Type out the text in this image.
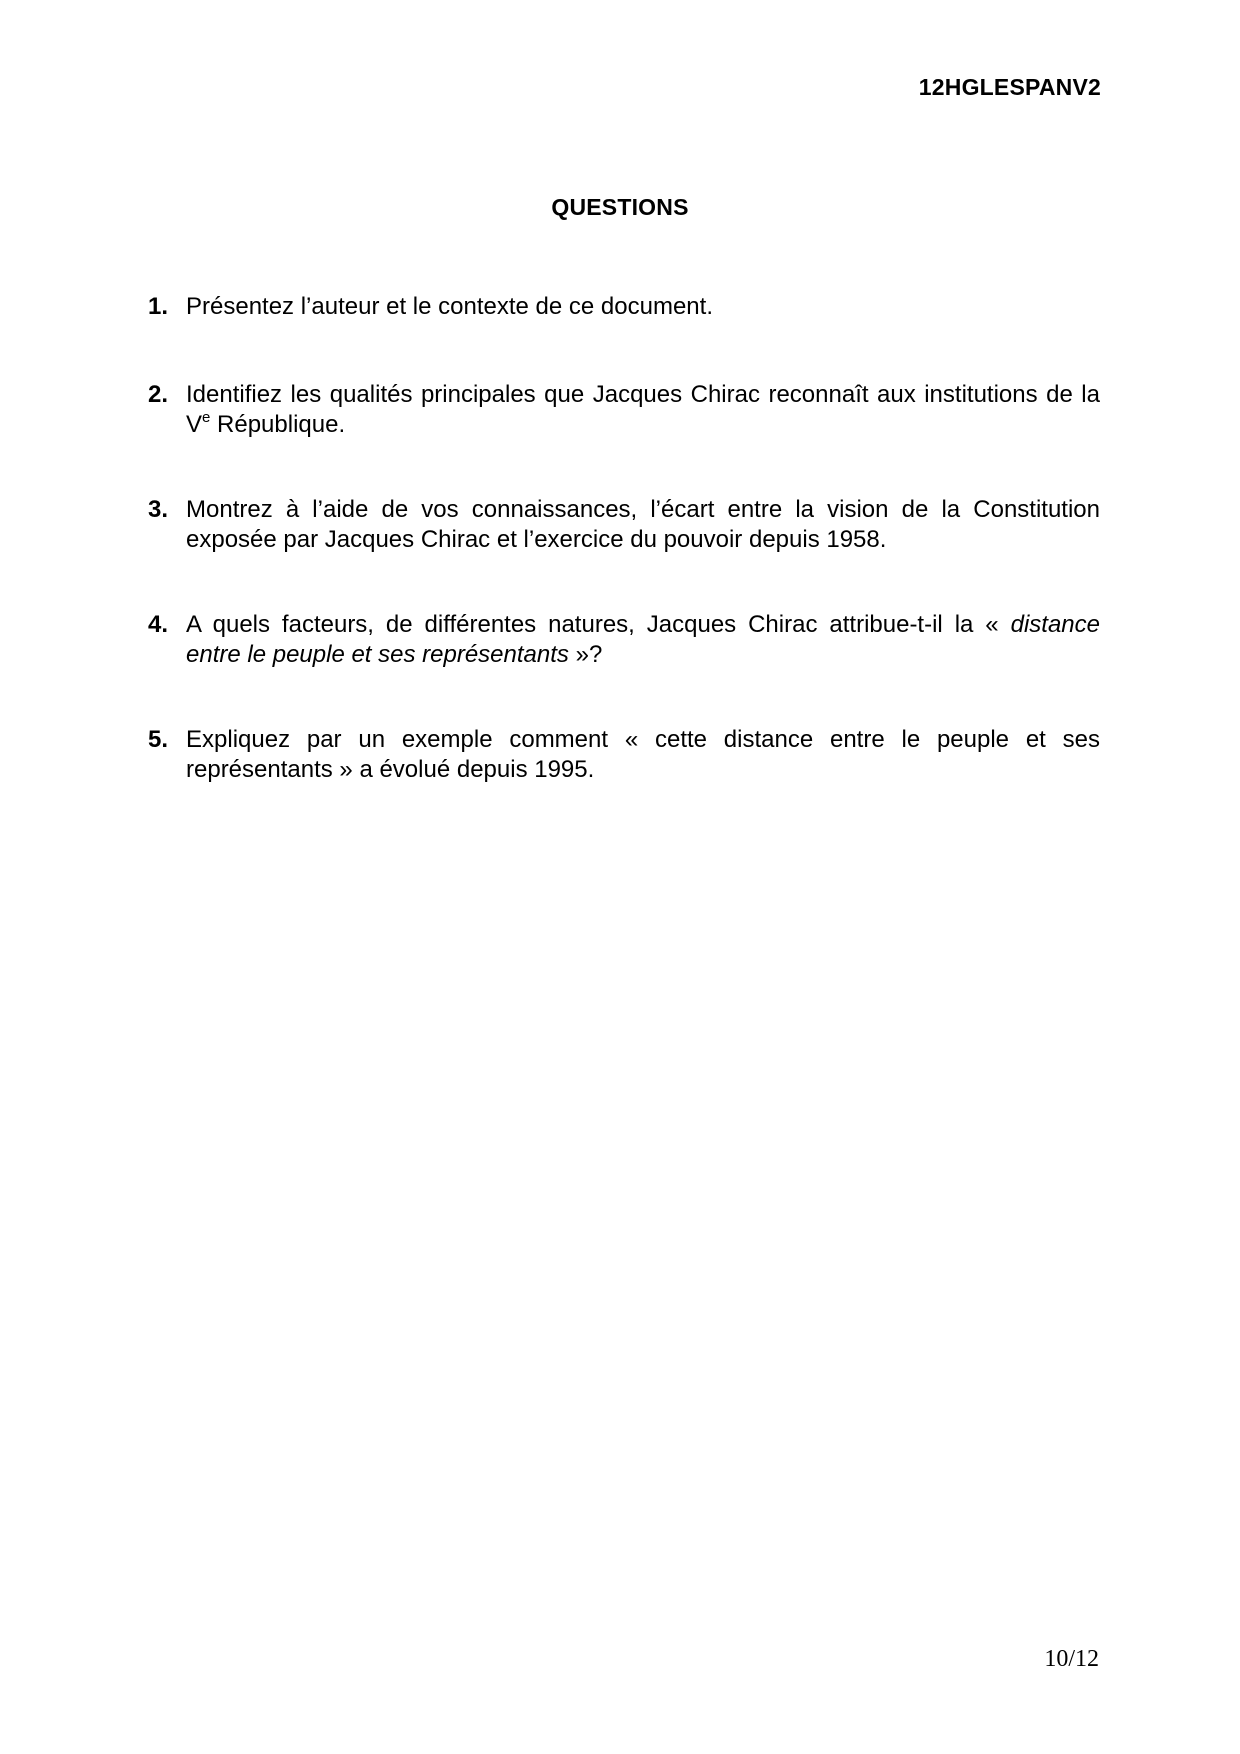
12HGLESPANV2
QUESTIONS
1. Présentez l’auteur et le contexte de ce document.
2. Identifiez les qualités principales que Jacques Chirac reconnaît aux institutions de la Ve République.
3. Montrez à l’aide de vos connaissances, l’écart entre la vision de la Constitution exposée par Jacques Chirac et l’exercice du pouvoir depuis 1958.
4. A quels facteurs, de différentes natures, Jacques Chirac attribue-t-il la « distance entre le peuple et ses représentants »?
5. Expliquez par un exemple comment « cette distance entre le peuple et ses représentants » a évolué depuis 1995.
10/12
